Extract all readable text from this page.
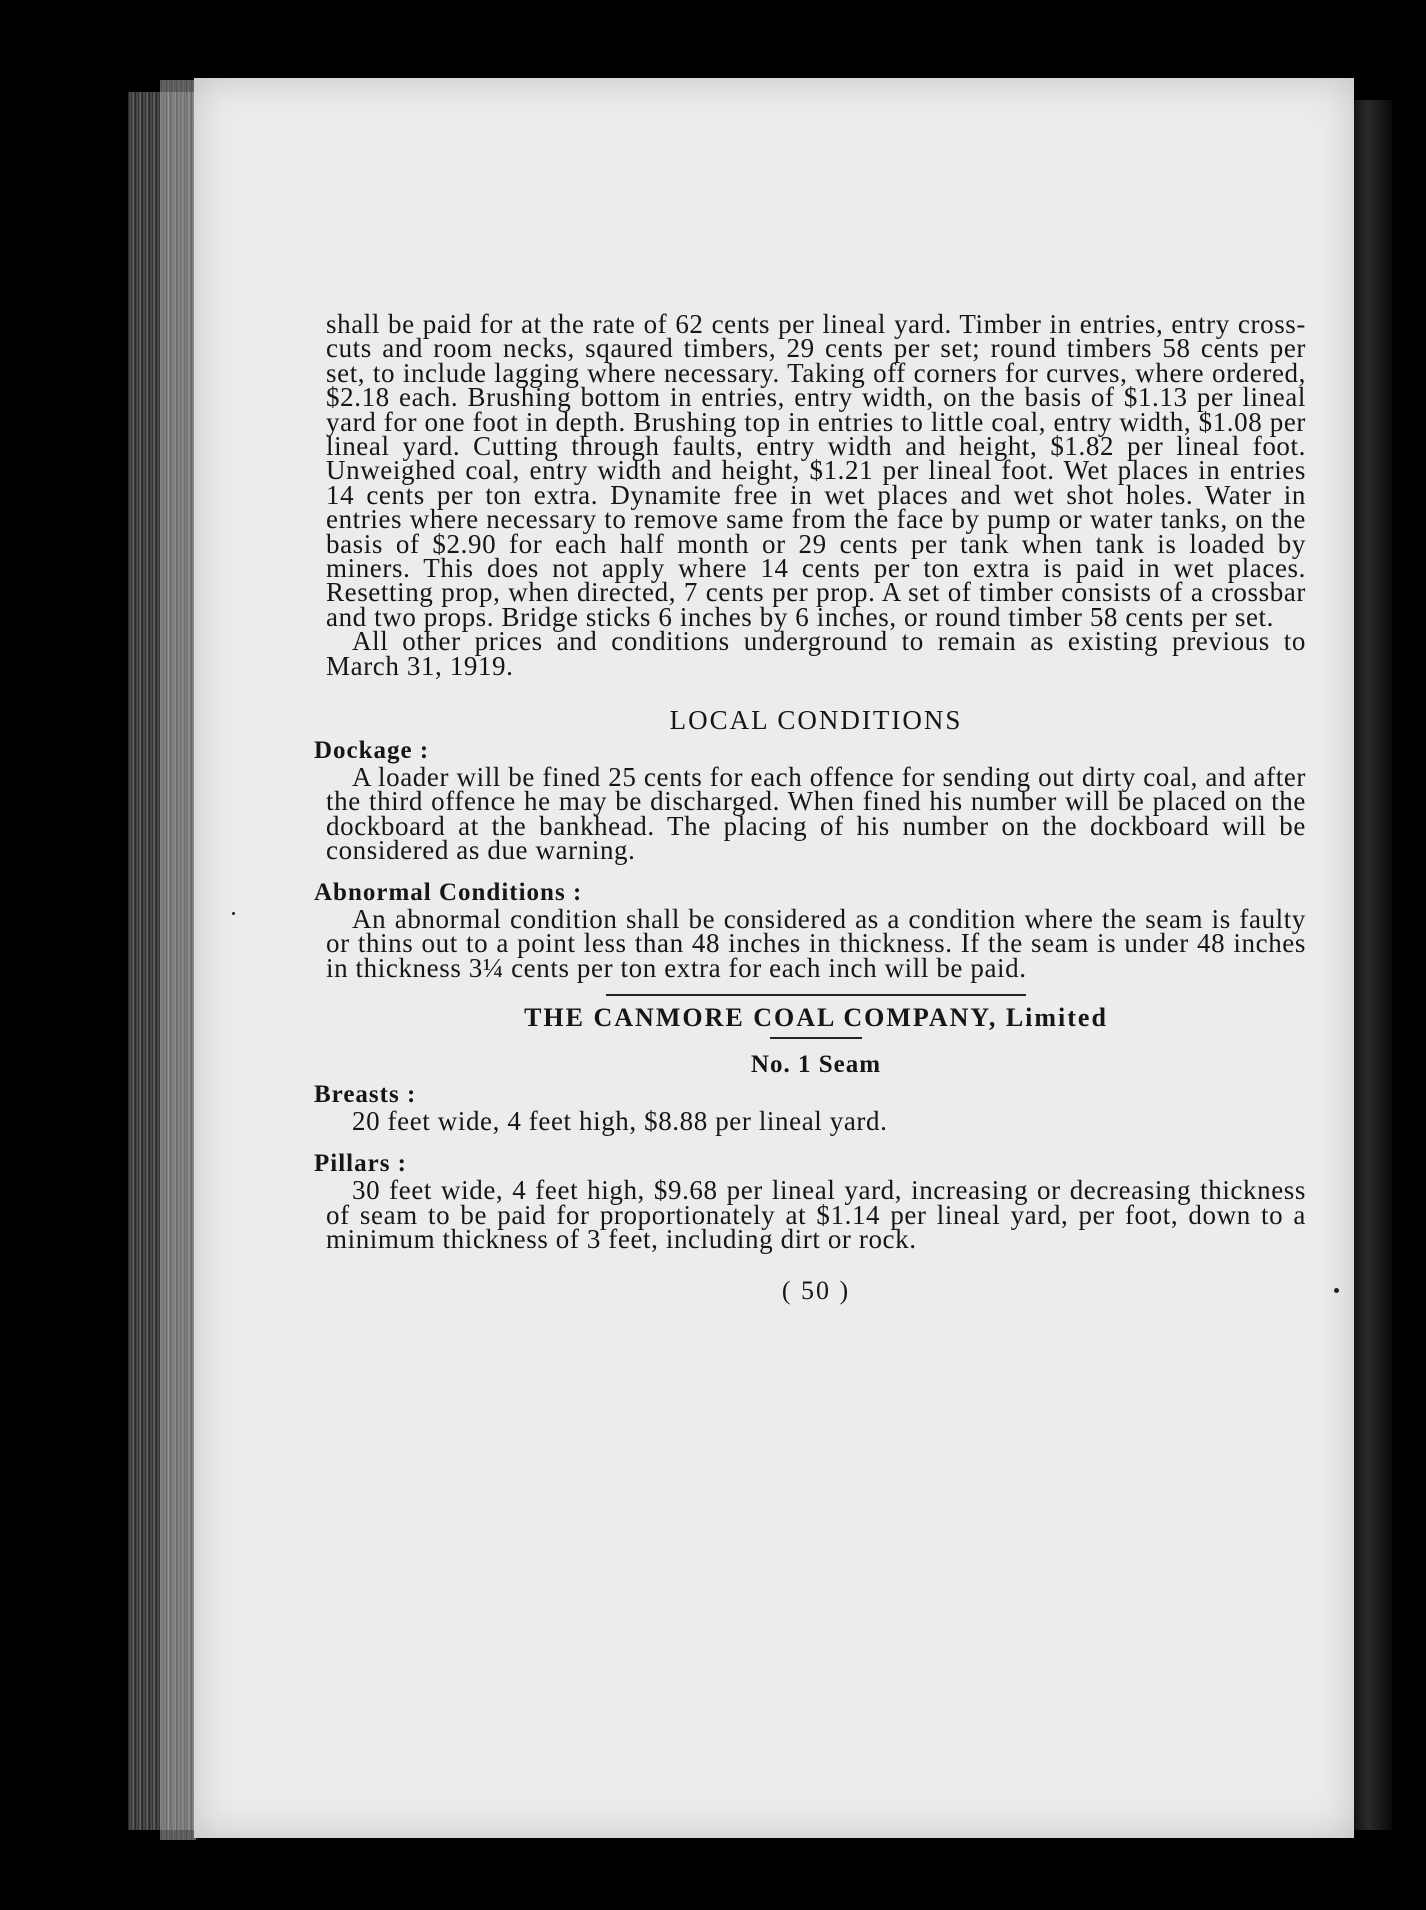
shall be paid for at the rate of 62 cents per lineal yard. Timber in entries, entry cross-cuts and room necks, sqaured timbers, 29 cents per set; round timbers 58 cents per set, to include lagging where necessary. Taking off corners for curves, where ordered, $2.18 each. Brushing bottom in entries, entry width, on the basis of $1.13 per lineal yard for one foot in depth. Brushing top in entries to little coal, entry width, $1.08 per lineal yard. Cutting through faults, entry width and height, $1.82 per lineal foot. Unweighed coal, entry width and height, $1.21 per lineal foot. Wet places in entries 14 cents per ton extra. Dynamite free in wet places and wet shot holes. Water in entries where necessary to remove same from the face by pump or water tanks, on the basis of $2.90 for each half month or 29 cents per tank when tank is loaded by miners. This does not apply where 14 cents per ton extra is paid in wet places. Resetting prop, when directed, 7 cents per prop. A set of timber consists of a crossbar and two props. Bridge sticks 6 inches by 6 inches, or round timber 58 cents per set.

All other prices and conditions underground to remain as existing previous to March 31, 1919.

LOCAL CONDITIONS
Dockage :

A loader will be fined 25 cents for each offence for sending out dirty coal, and after the third offence he may be discharged. When fined his number will be placed on the dockboard at the bankhead. The placing of his number on the dockboard will be considered as due warning.

Abnormal Conditions :

An abnormal condition shall be considered as a condition where the seam is faulty or thins out to a point less than 48 inches in thickness. If the seam is under 48 inches in thickness 3¼ cents per ton extra for each inch will be paid.

THE CANMORE COAL COMPANY, Limited
No. 1 Seam
Breasts :

20 feet wide, 4 feet high, $8.88 per lineal yard.

Pillars :

30 feet wide, 4 feet high, $9.68 per lineal yard, increasing or decreasing thickness of seam to be paid for proportionately at $1.14 per lineal yard, per foot, down to a minimum thickness of 3 feet, including dirt or rock.

( 50 )
